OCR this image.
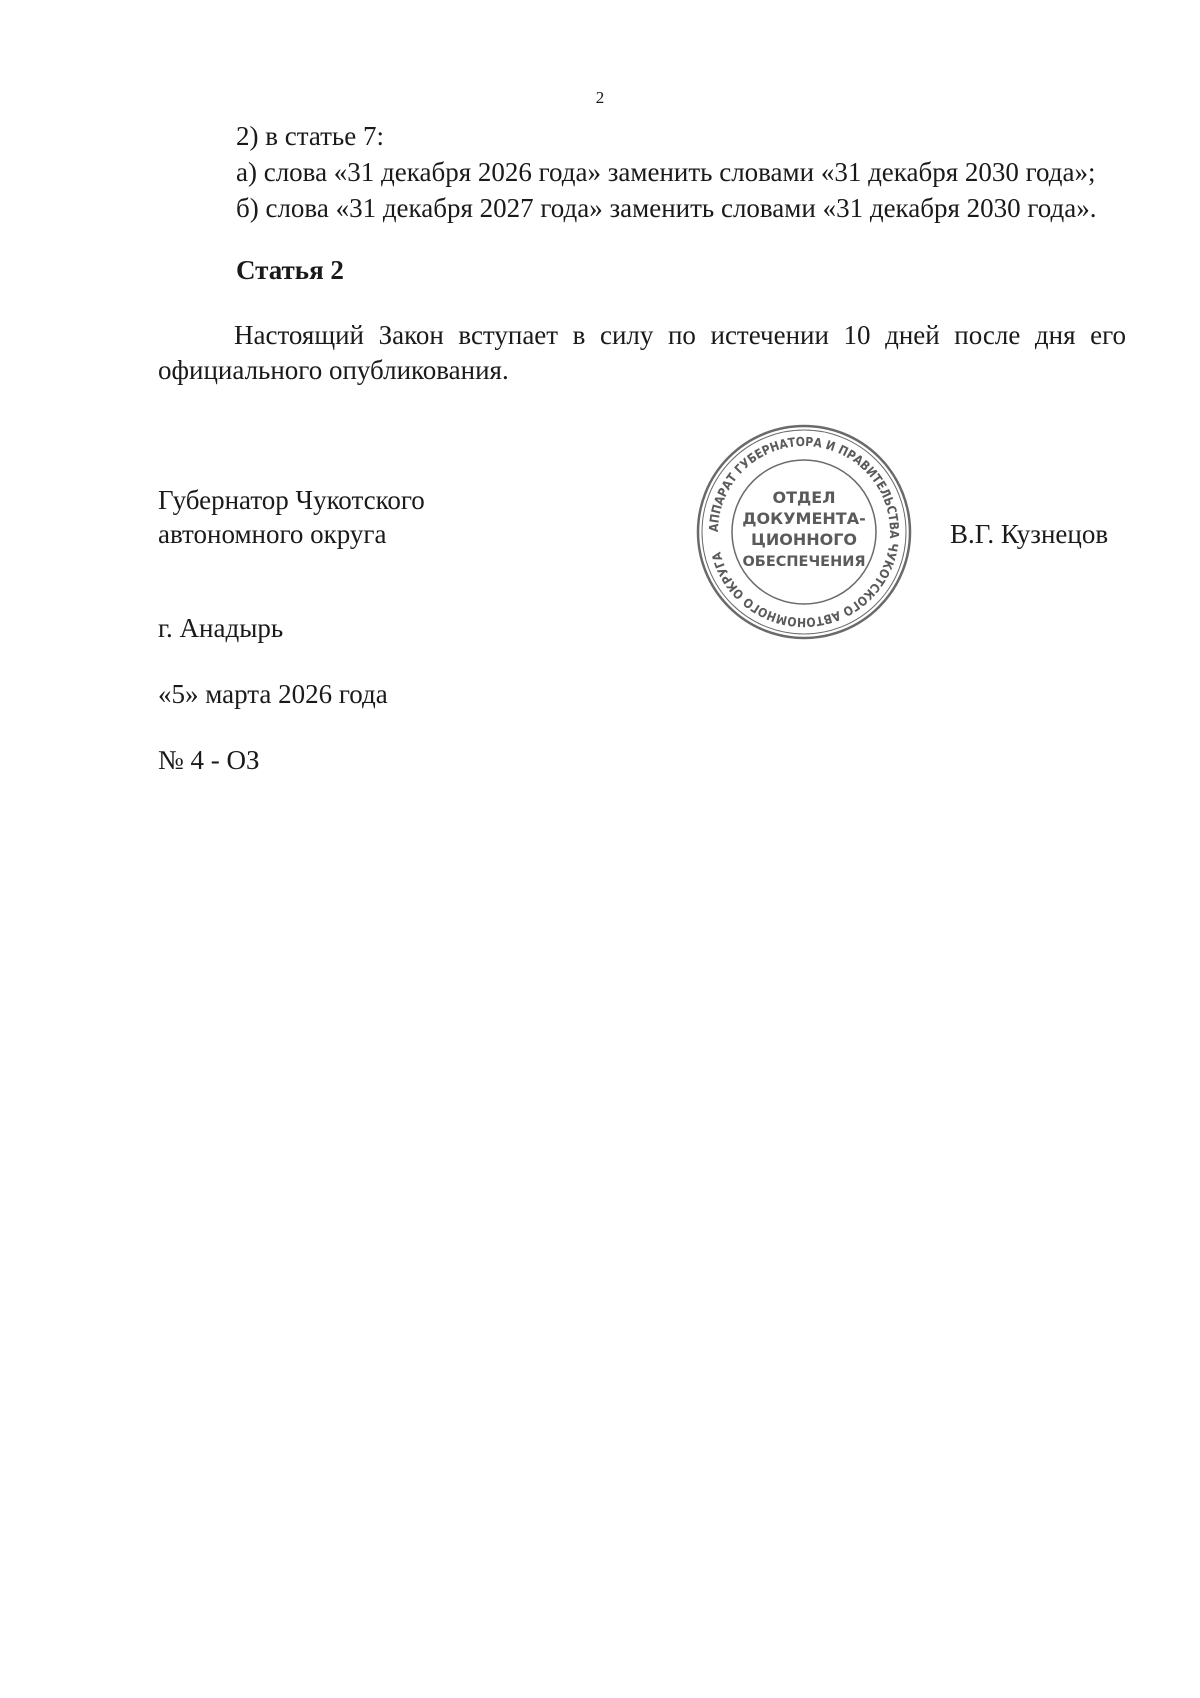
2
2) в статье 7:
а) слова «31 декабря 2026 года» заменить словами «31 декабря 2030 года»;
б) слова «31 декабря 2027 года» заменить словами «31 декабря 2030 года».
Статья 2
Настоящий Закон вступает в силу по истечении 10 дней после дня его официального опубликования.
Губернатор Чукотского
автономного округа	В.Г. Кузнецов
АППАРАТ ГУБЕРНАТОРА И ПРАВИТЕЛЬСТВА ЧУКОТСКОГО АВТОНОМНОГО ОКРУГА
ОТДЕЛ
ДОКУМЕНТА-
ЦИОННОГО
ОБЕСПЕЧЕНИЯ
г. Анадырь
«5» марта 2026 года
№ 4 - ОЗ
